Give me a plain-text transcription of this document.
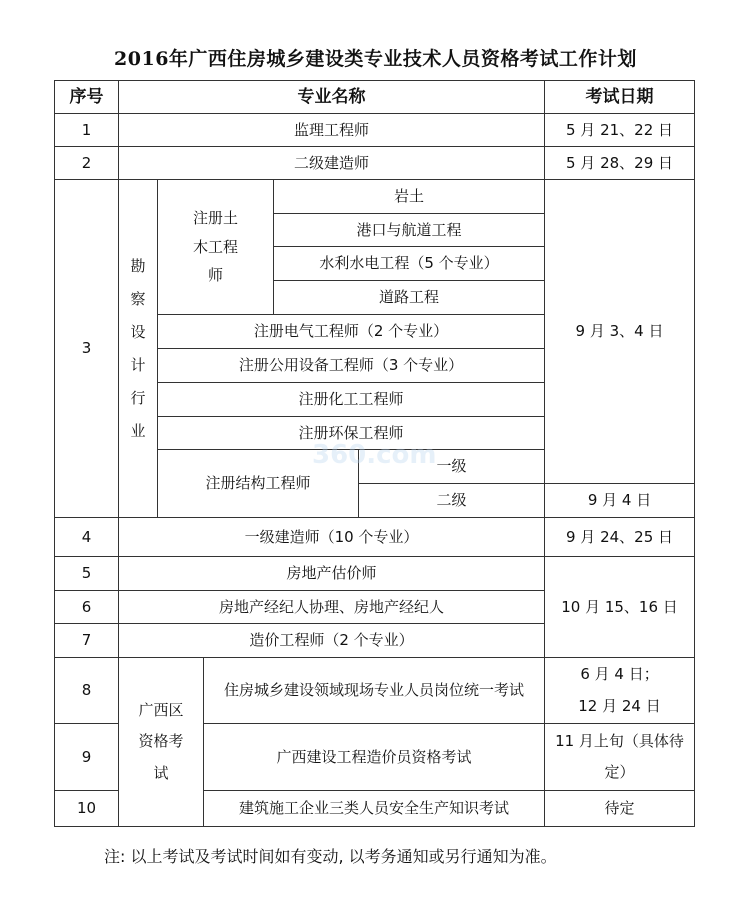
2016年广西住房城乡建设类专业技术人员资格考试工作计划
序号	专业名称					考试日期
1	监理工程师					5 月 21、22 日
2	二级建造师					5 月 28、29 日
3	勘察设计行业	注册土木工程师		岩土		9 月 3、4 日
				港口与航道工程		
				水利水电工程（5 个专业）		
				道路工程		
		注册电气工程师（2 个专业）				
		注册公用设备工程师（3 个专业）				
		注册化工工程师				
		注册环保工程师				
		注册结构工程师			一级	
					二级	9 月 4 日
4	一级建造师（10 个专业）					9 月 24、25 日
5	房地产估价师					10 月 15、16 日
6	房地产经纪人协理、房地产经纪人					
7	造价工程师（2 个专业）					
8	广西区资格考试		住房城乡建设领域现场专业人员岗位统一考试			6 月 4 日；12 月 24 日
9			广西建设工程造价员资格考试			11 月上旬（具体待定）
10			建筑施工企业三类人员安全生产知识考试			待定
360.com
注: 以上考试及考试时间如有变动, 以考务通知或另行通知为准。
